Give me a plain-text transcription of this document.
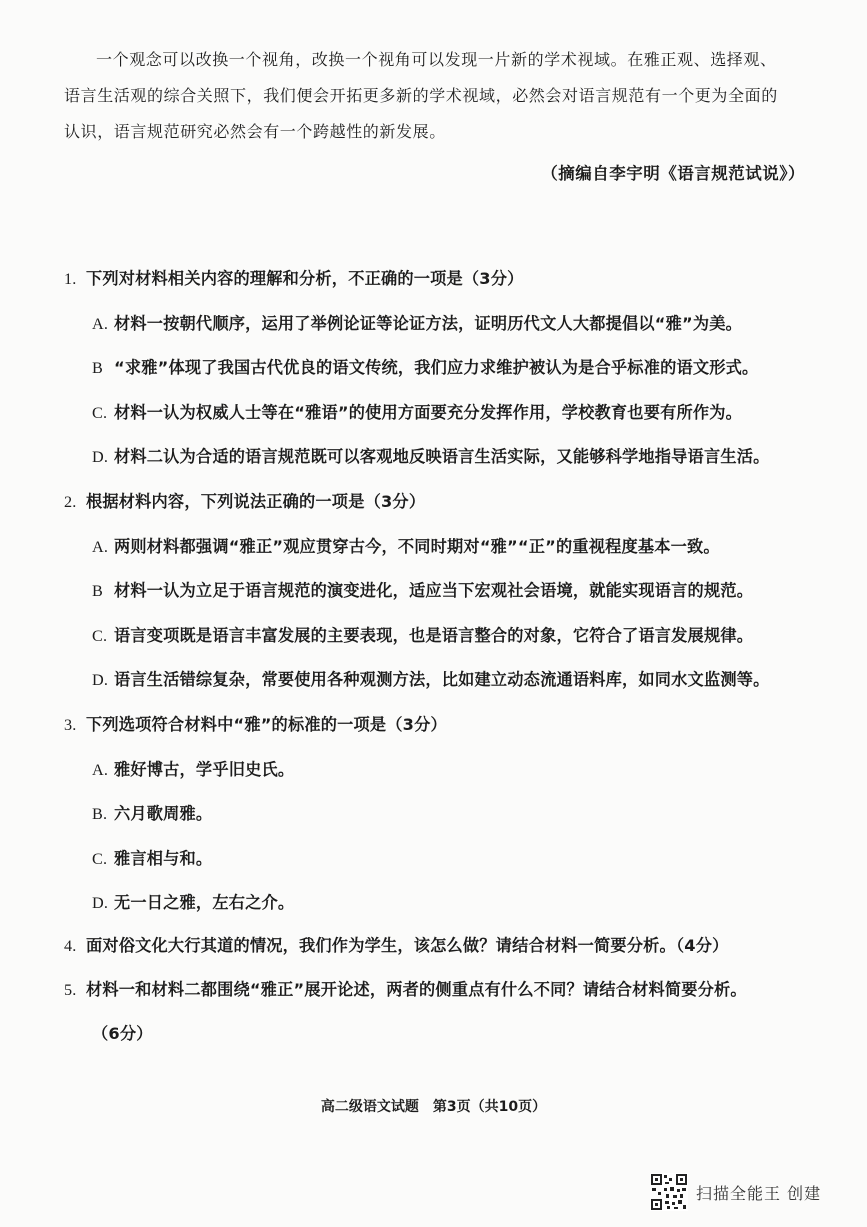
一个观念可以改换一个视角，改换一个视角可以发现一片新的学术视域。在雅正观、选择观、语言生活观的综合关照下，我们便会开拓更多新的学术视域，必然会对语言规范有一个更为全面的认识，语言规范研究必然会有一个跨越性的新发展。
（摘编自李宇明《语言规范试说》）
1. 下列对材料相关内容的理解和分析，不正确的一项是（3分）
A. 材料一按朝代顺序，运用了举例论证等论证方法，证明历代文人大都提倡以“雅”为美。
B “求雅”体现了我国古代优良的语文传统，我们应力求维护被认为是合乎标准的语文形式。
C. 材料一认为权威人士等在“雅语”的使用方面要充分发挥作用，学校教育也要有所作为。
D. 材料二认为合适的语言规范既可以客观地反映语言生活实际，又能够科学地指导语言生活。
2. 根据材料内容，下列说法正确的一项是（3分）
A. 两则材料都强调“雅正”观应贯穿古今，不同时期对“雅”“正”的重视程度基本一致。
B 材料一认为立足于语言规范的演变进化，适应当下宏观社会语境，就能实现语言的规范。
C. 语言变项既是语言丰富发展的主要表现，也是语言整合的对象，它符合了语言发展规律。
D. 语言生活错综复杂，常要使用各种观测方法，比如建立动态流通语料库，如同水文监测等。
3. 下列选项符合材料中“雅”的标准的一项是（3分）
A. 雅好博古，学乎旧史氏。
B. 六月歌周雅。
C. 雅言相与和。
D. 无一日之雅，左右之介。
4. 面对俗文化大行其道的情况，我们作为学生，该怎么做？请结合材料一简要分析。（4分）
5. 材料一和材料二都围绕“雅正”展开论述，两者的侧重点有什么不同？请结合材料简要分析。
（6分）
高二级语文试题　第3页（共10页）
扫描全能王 创建
